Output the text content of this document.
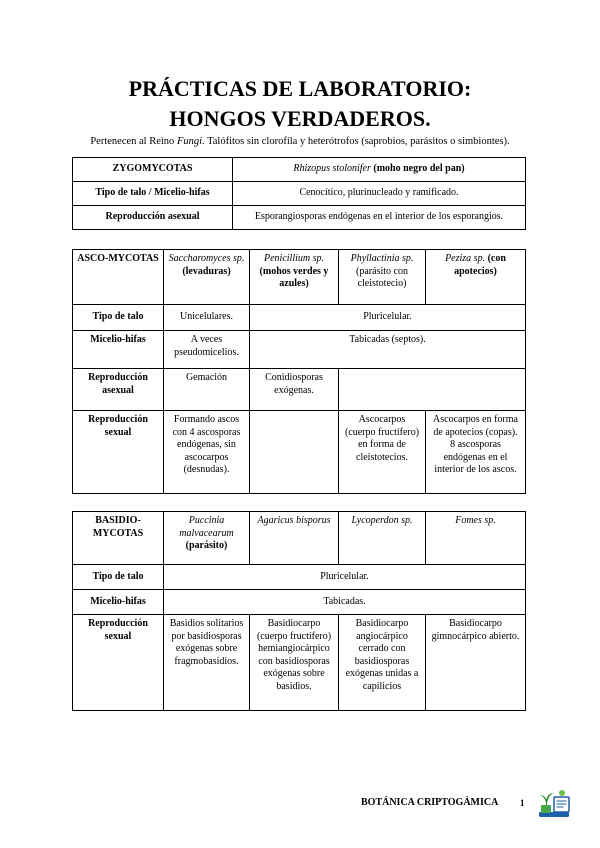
PRÁCTICAS DE LABORATORIO:
HONGOS VERDADEROS.
Pertenecen al Reino Fungi. Talófitos sin clorofila y heterótrofos (saprobios, parásitos o simbiontes).
ZYGOMYCOTAS	Rhizopus stolonifer (moho negro del pan)
Tipo de talo / Micelio-hifas	Cenocítico, plurinucleado y ramificado.
Reproducción asexual	Esporangiosporas endógenas en el interior de los esporangios.
ASCO-MYCOTAS	Saccharomyces sp. (levaduras)	Penicillium sp. (mohos verdes y azules)	Phyllactinia sp. (parásito con cleistotecio)	Peziza sp. (con apotecios)
Tipo de talo	Unicelulares.	Pluricelular.		
Micelio-hifas	A veces pseudomicelios.	Tabicadas (septos).		
Reproducción asexual	Gemación	Conidiosporas exógenas.		
Reproducción sexual	Formando ascos con 4 ascosporas endógenas, sin ascocarpos (desnudas).		Ascocarpos (cuerpo fructífero) en forma de cleistotecios.	Ascocarpos en forma de apotecios (copas). 8 ascosporas endógenas en el interior de los ascos.
BASIDIO-MYCOTAS	Puccinia malvacearum (parásito)	Agaricus bisporus	Lycoperdon sp.	Fomes sp.
Tipo de talo	Pluricelular.			
Micelio-hifas	Tabicadas.			
Reproducción sexual	Basidios solitarios por basidiosporas exógenas sobre fragmobasidios.	Basidiocarpo (cuerpo fructífero) hemiangiocárpico con basidiosporas exógenas sobre basidios.	Basidiocarpo angiocárpico cerrado con basidiosporas exógenas unidas a capilicios	Basidiocarpo gimnocárpico abierto.
BOTÁNICA CRIPTOGÁMICA 1
